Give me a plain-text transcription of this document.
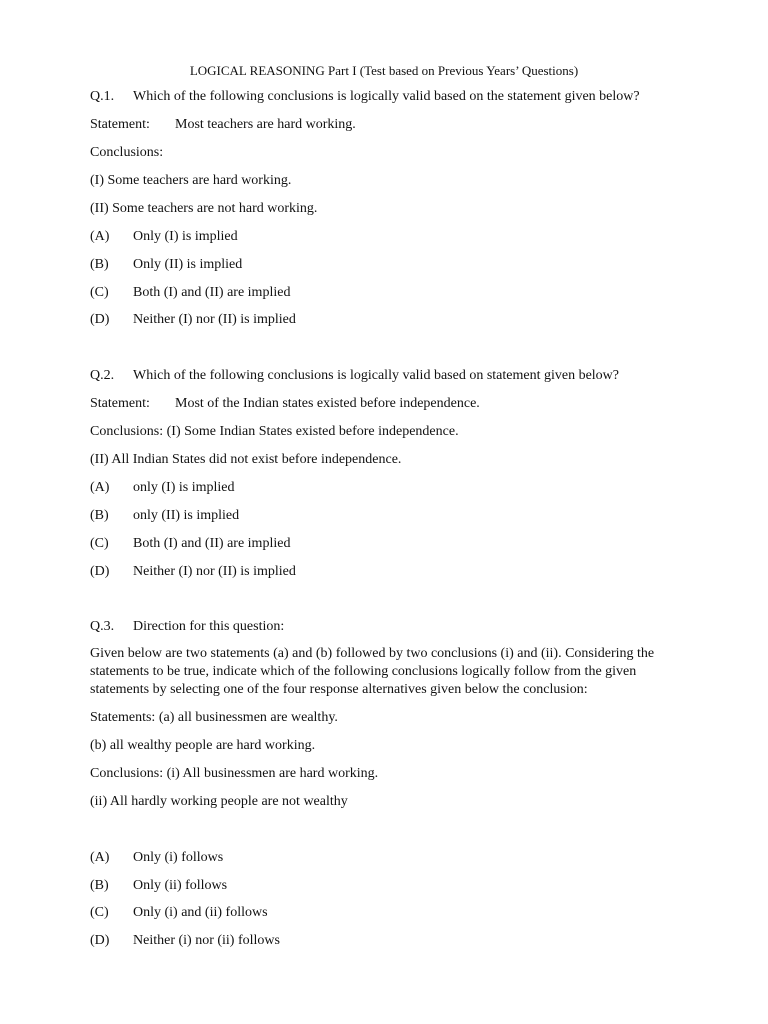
LOGICAL REASONING Part I (Test based on Previous Years’ Questions)
Q.1. Which of the following conclusions is logically valid based on the statement given below?
Statement: Most teachers are hard working.
Conclusions:
(I) Some teachers are hard working.
(II) Some teachers are not hard working.
(A) Only (I) is implied
(B) Only (II) is implied
(C) Both (I) and (II) are implied
(D) Neither (I) nor (II) is implied
Q.2. Which of the following conclusions is logically valid based on statement given below?
Statement: Most of the Indian states existed before independence.
Conclusions: (I) Some Indian States existed before independence.
(II) All Indian States did not exist before independence.
(A) only (I) is implied
(B) only (II) is implied
(C) Both (I) and (II) are implied
(D) Neither (I) nor (II) is implied
Q.3. Direction for this question:
Given below are two statements (a) and (b) followed by two conclusions (i) and (ii). Considering the statements to be true, indicate which of the following conclusions logically follow from the given statements by selecting one of the four response alternatives given below the conclusion:
Statements: (a) all businessmen are wealthy.
(b) all wealthy people are hard working.
Conclusions: (i) All businessmen are hard working.
(ii) All hardly working people are not wealthy
(A) Only (i) follows
(B) Only (ii) follows
(C) Only (i) and (ii) follows
(D) Neither (i) nor (ii) follows
